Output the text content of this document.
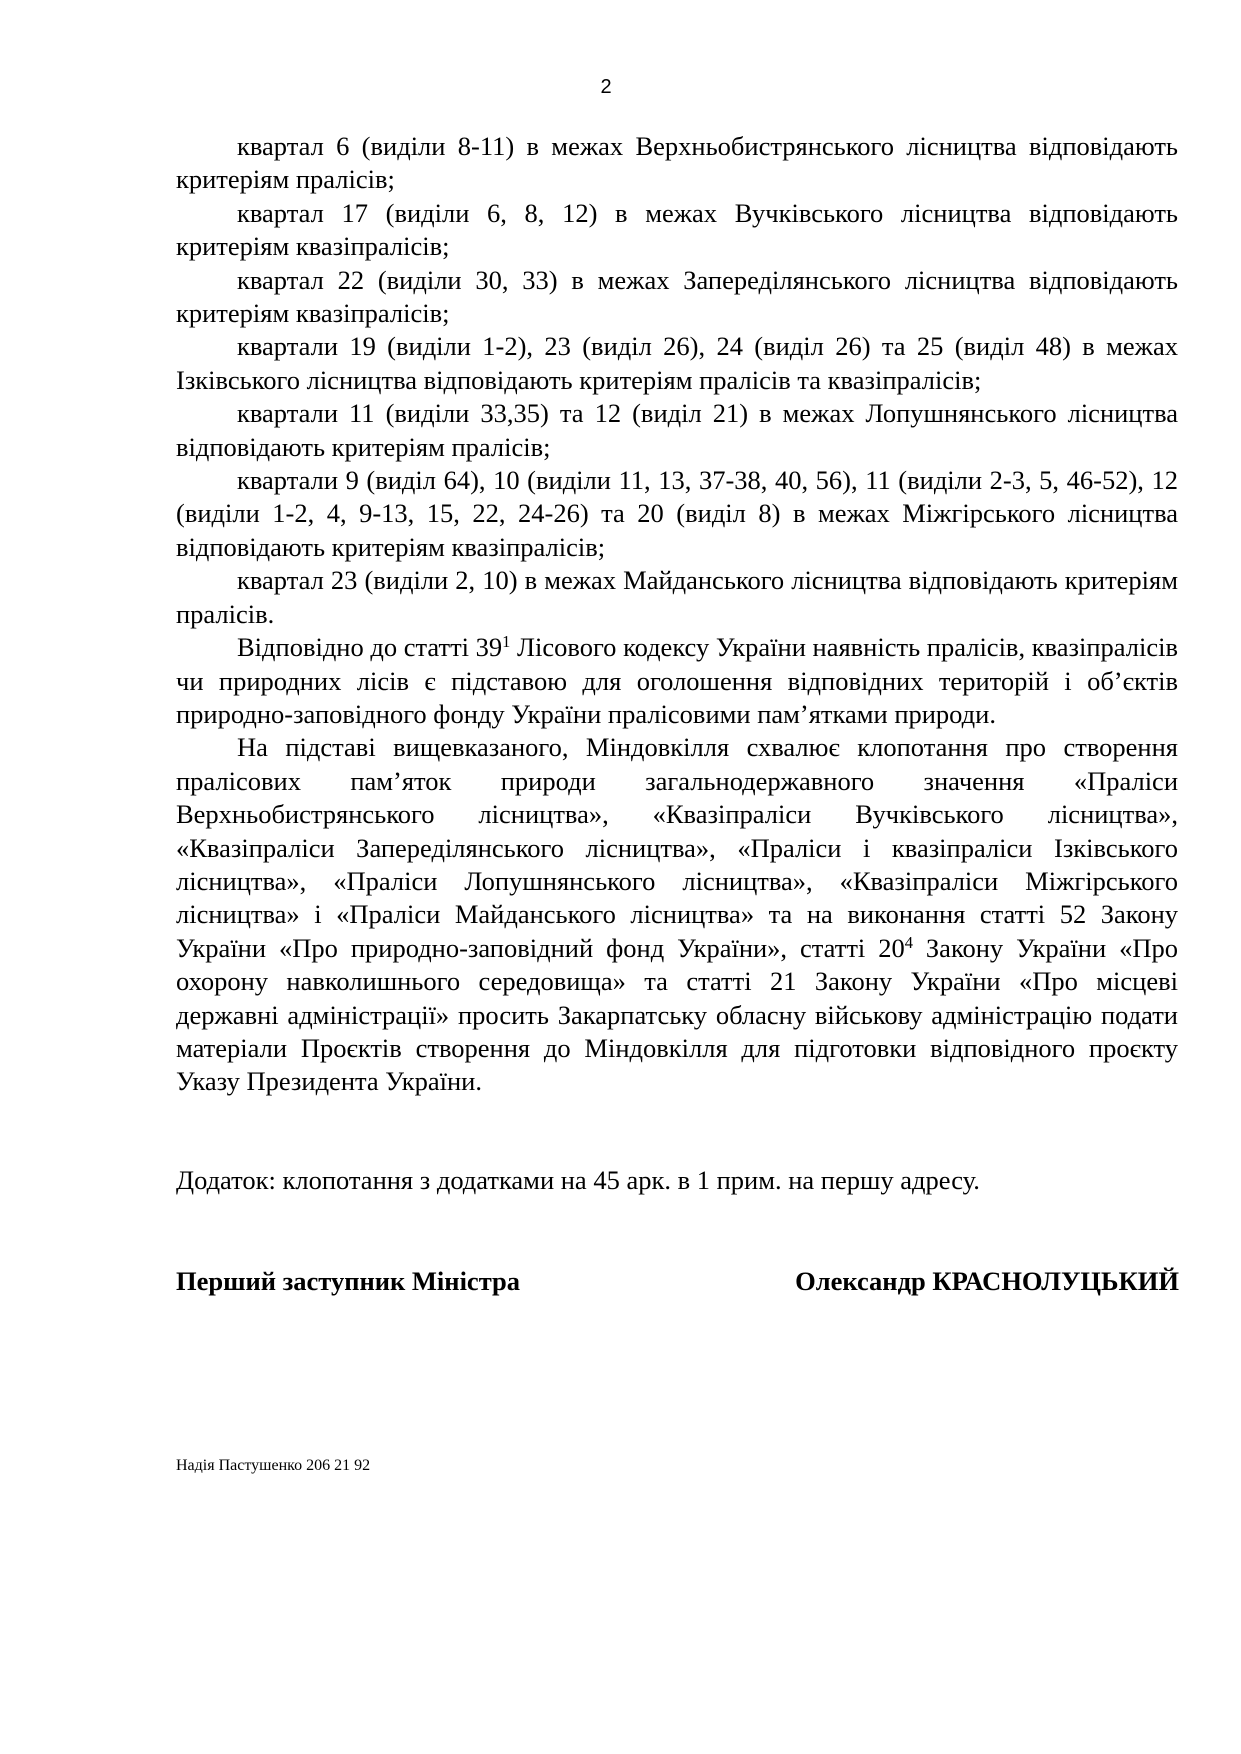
2

квартал 6 (виділи 8-11) в межах Верхньобистрянського лісництва відповідають критеріям пралісів;

квартал 17 (виділи 6, 8, 12) в межах Вучківського лісництва відповідають критеріям квазіпралісів;

квартал 22 (виділи 30, 33) в межах Запереділянського лісництва відповідають критеріям квазіпралісів;

квартали 19 (виділи 1-2), 23 (виділ 26), 24 (виділ 26) та 25 (виділ 48) в межах Ізківського лісництва відповідають критеріям пралісів та квазіпралісів;

квартали 11 (виділи 33,35) та 12 (виділ 21) в межах Лопушнянського лісництва відповідають критеріям пралісів;

квартали 9 (виділ 64), 10 (виділи 11, 13, 37-38, 40, 56), 11 (виділи 2-3, 5, 46-52), 12 (виділи 1-2, 4, 9-13, 15, 22, 24-26) та 20 (виділ 8) в межах Міжгірського лісництва відповідають критеріям квазіпралісів;

квартал 23 (виділи 2, 10) в межах Майданського лісництва відповідають критеріям пралісів.

Відповідно до статті $39^1$ Лісового кодексу України наявність пралісів, квазіпралісів чи природних лісів є підставою для оголошення відповідних територій і об’єктів природно-заповідного фонду України пралісовими пам’ятками природи.

На підставі вищевказаного, Міндовкілля схвалює клопотання про створення пралісових пам’яток природи загальнодержавного значення «Праліси Верхньобистрянського лісництва», «Квазіпраліси Вучківського лісництва», «Квазіпраліси Запереділянського лісництва», «Праліси і квазіпраліси Ізківського лісництва», «Праліси Лопушнянського лісництва», «Квазіпраліси Міжгірського лісництва» і «Праліси Майданського лісництва» та на виконання статті 52 Закону України «Про природно-заповідний фонд України», статті $20^4$ Закону України «Про охорону навколишнього середовища» та статті 21 Закону України «Про місцеві державні адміністрації» просить Закарпатську обласну військову адміністрацію подати матеріали Проєктів створення до Міндовкілля для підготовки відповідного проєкту Указу Президента України.

Додаток: клопотання з додатками на 45 арк. в 1 прим. на першу адресу.

Перший заступник Міністра	Олександр КРАСНОЛУЦЬКИЙ
Надія Пастушенко 206 21 92
